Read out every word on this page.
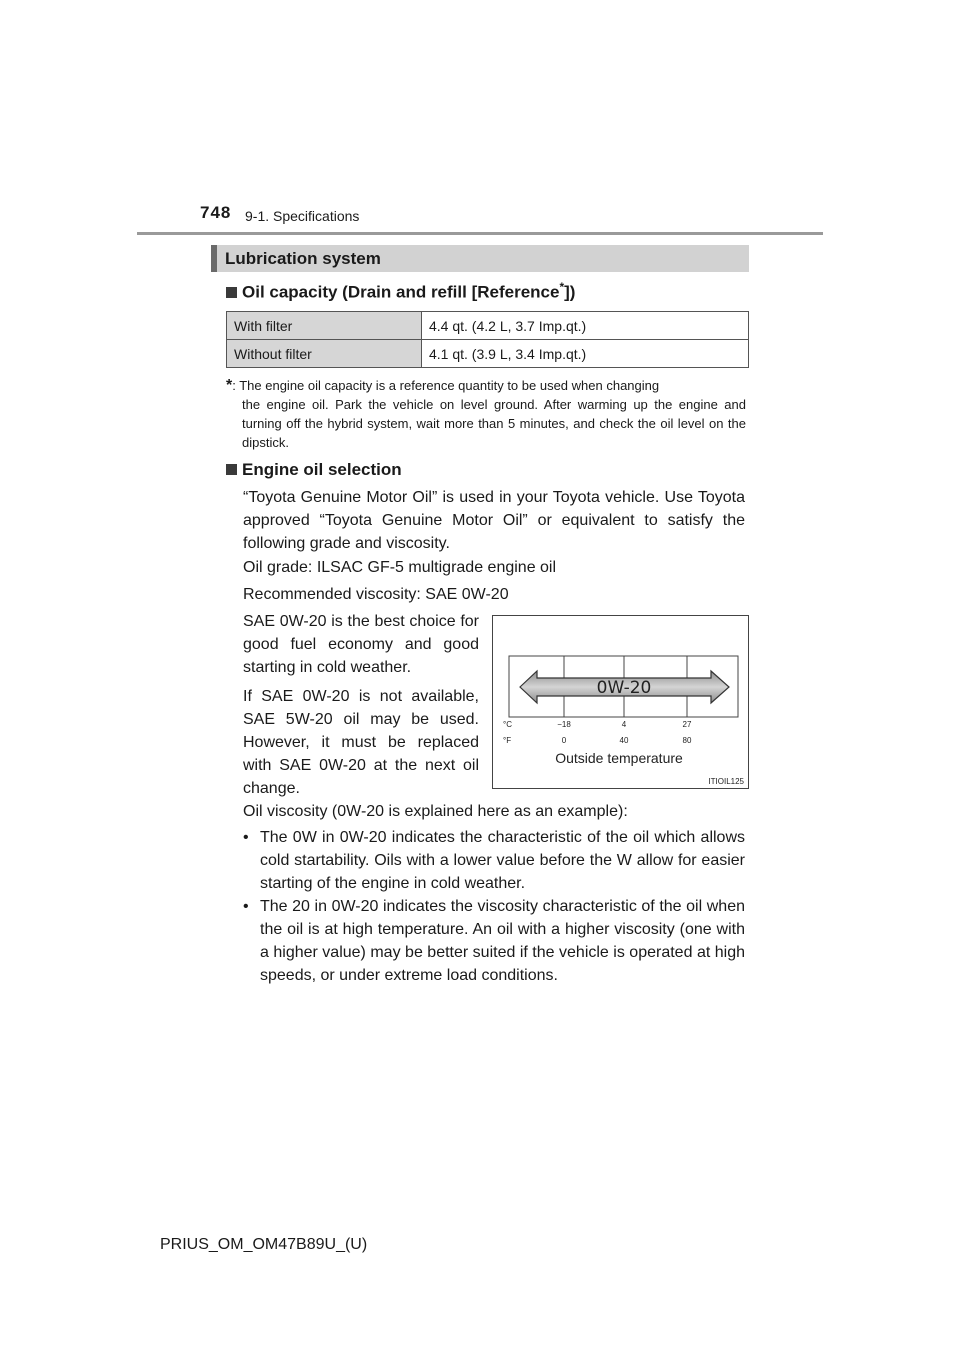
748 9-1. Specifications
Lubrication system
Oil capacity (Drain and refill [Reference*])
With filter	4.4 qt. (4.2 L, 3.7 Imp.qt.)
Without filter	4.1 qt. (3.9 L, 3.4 Imp.qt.)
*: The engine oil capacity is a reference quantity to be used when changing
the engine oil. Park the vehicle on level ground. After warming up the engine and turning off the hybrid system, wait more than 5 minutes, and check the oil level on the dipstick.
Engine oil selection
“Toyota Genuine Motor Oil” is used in your Toyota vehicle. Use Toyota approved “Toyota Genuine Motor Oil” or equivalent to satisfy the following grade and viscosity.
Oil grade: ILSAC GF-5 multigrade engine oil
Recommended viscosity: SAE 0W-20

SAE 0W-20 is the best choice for good fuel economy and good starting in cold weather.

If SAE 0W-20 is not available, SAE 5W-20 oil may be used. However, it must be replaced with SAE 0W-20 at the next oil change.

0W-20
°C
°F
−18	4	27
0	40	80
Outside temperature
ITIOIL125
Oil viscosity (0W-20 is explained here as an example):
• The 0W in 0W-20 indicates the characteristic of the oil which allows cold startability. Oils with a lower value before the W allow for easier starting of the engine in cold weather.
• The 20 in 0W-20 indicates the viscosity characteristic of the oil when the oil is at high temperature. An oil with a higher viscosity (one with a higher value) may be better suited if the vehicle is operated at high speeds, or under extreme load conditions.
PRIUS_OM_OM47B89U_(U)
